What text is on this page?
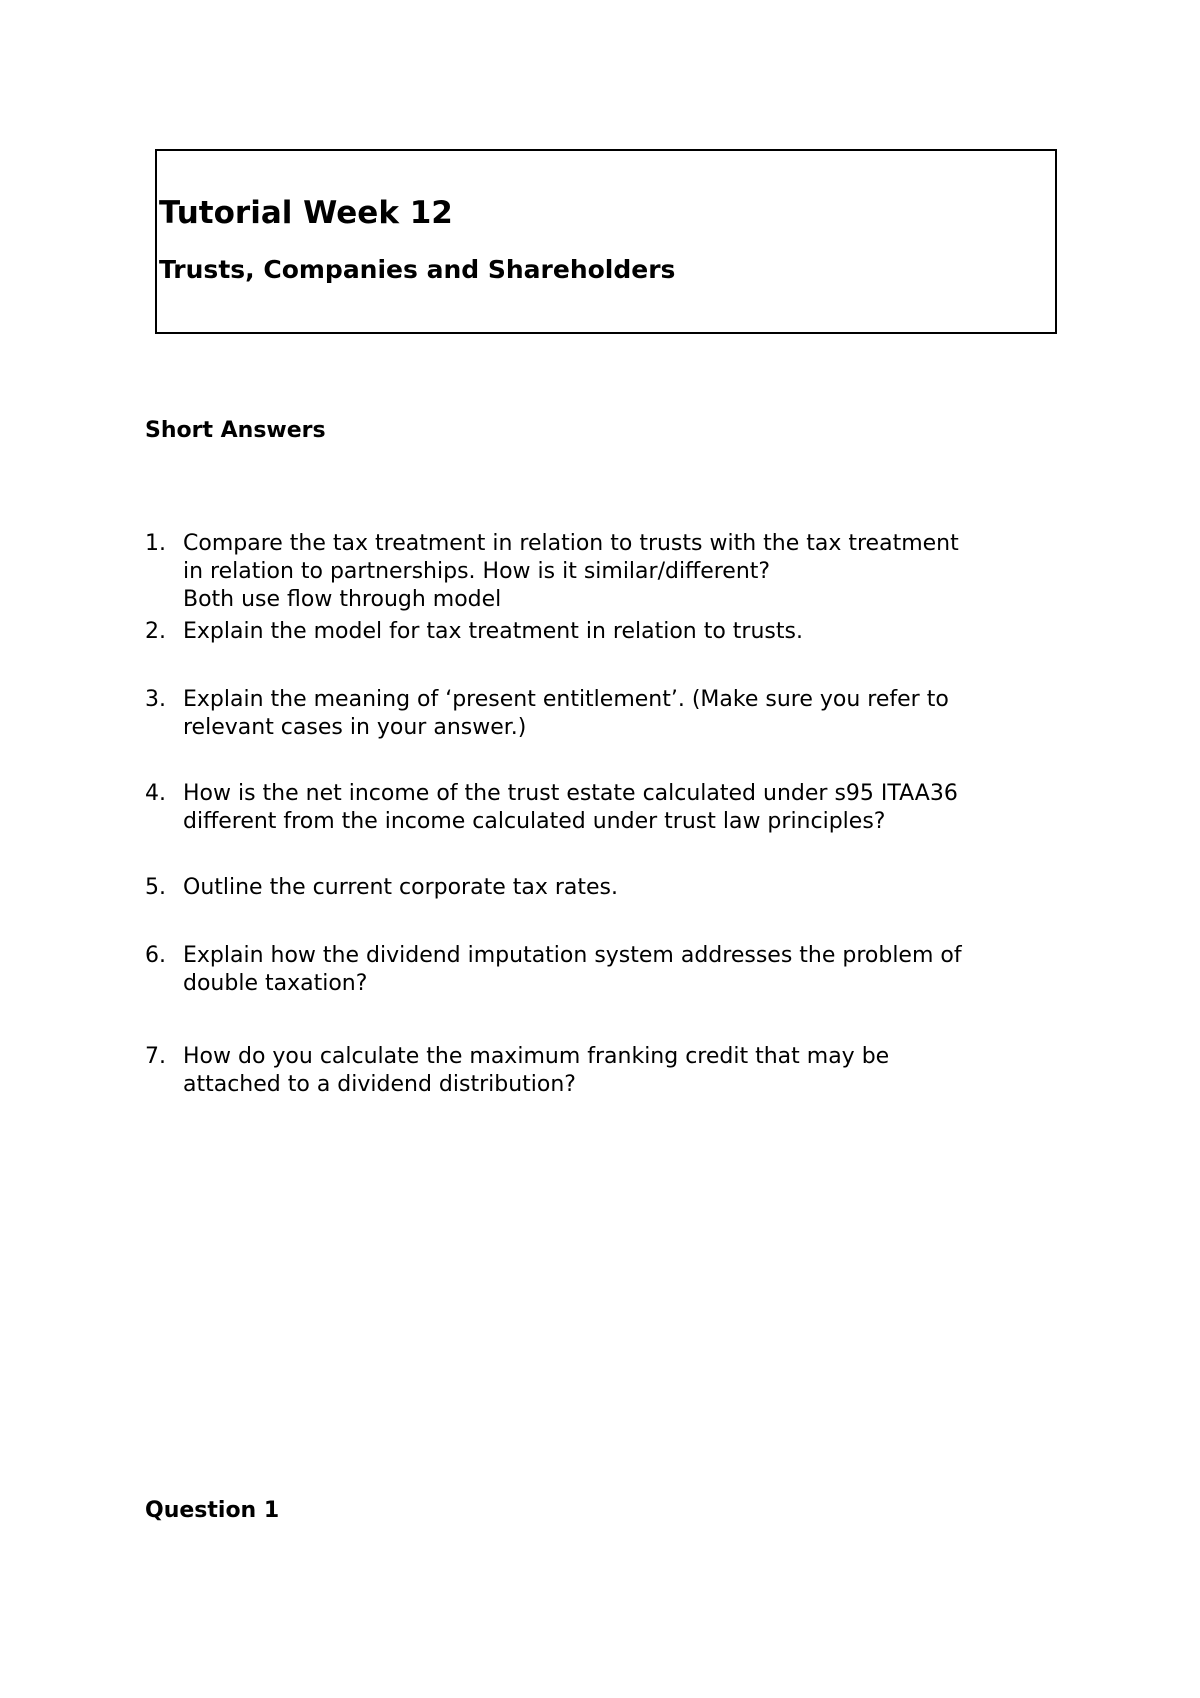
Tutorial Week 12
Trusts, Companies and Shareholders
Short Answers
1. Compare the tax treatment in relation to trusts with the tax treatment
in relation to partnerships. How is it similar/different?
Both use flow through model
2. Explain the model for tax treatment in relation to trusts.
3. Explain the meaning of ‘present entitlement’. (Make sure you refer to
relevant cases in your answer.)
4. How is the net income of the trust estate calculated under s95 ITAA36
different from the income calculated under trust law principles?
5. Outline the current corporate tax rates.
6. Explain how the dividend imputation system addresses the problem of
double taxation?
7. How do you calculate the maximum franking credit that may be
attached to a dividend distribution?
Question 1
